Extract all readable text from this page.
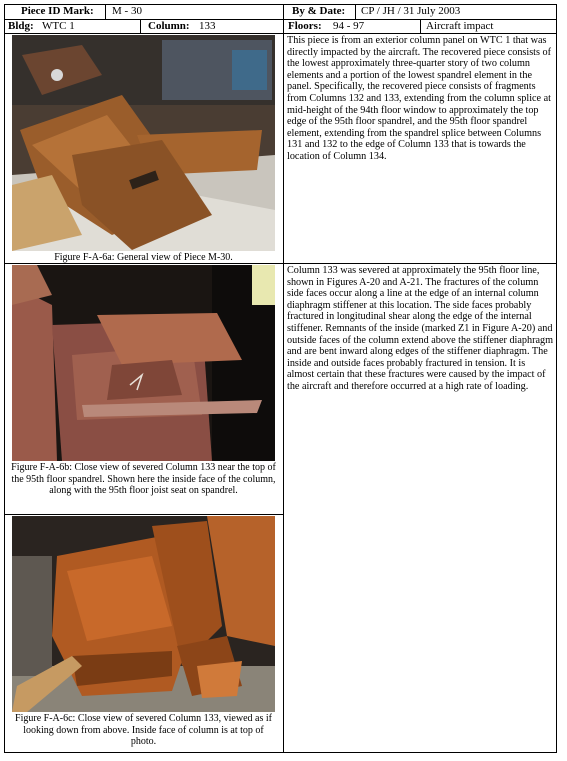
Piece ID Mark: M - 30	By & Date: CP / JH / 31 July 2003
Bldg: WTC 1	Column: 133	Floors: 94 - 97	Aircraft impact
Figure F-A-6a: General view of Piece M-30.
Figure F-A-6b: Close view of severed Column 133 near the top of the 95th floor spandrel. Shown here the inside face of the column, along with the 95th floor joist seat on spandrel.
Figure F-A-6c: Close view of severed Column 133, viewed as if looking down from above. Inside face of column is at top of photo.
This piece is from an exterior column panel on WTC 1 that was directly impacted by the aircraft. The recovered piece consists of the lowest approximately three-quarter story of two column elements and a portion of the lowest spandrel element in the panel. Specifically, the recovered piece consists of fragments from Columns 132 and 133, extending from the column splice at mid-height of the 94th floor window to approximately the top edge of the 95th floor spandrel, and the 95th floor spandrel element, extending from the spandrel splice between Columns 131 and 132 to the edge of Column 133 that is towards the location of Column 134.
Column 133 was severed at approximately the 95th floor line, shown in Figures A-20 and A-21. The fractures of the column side faces occur along a line at the edge of an internal column diaphragm stiffener at this location. The side faces probably fractured in longitudinal shear along the edge of the internal stiffener. Remnants of the inside (marked Z1 in Figure A-20) and outside faces of the column extend above the stiffener diaphragm and are bent inward along edges of the stiffener diaphragm. The inside and outside faces probably fractured in tension. It is almost certain that these fractures were caused by the impact of the aircraft and therefore occurred at a high rate of loading.
